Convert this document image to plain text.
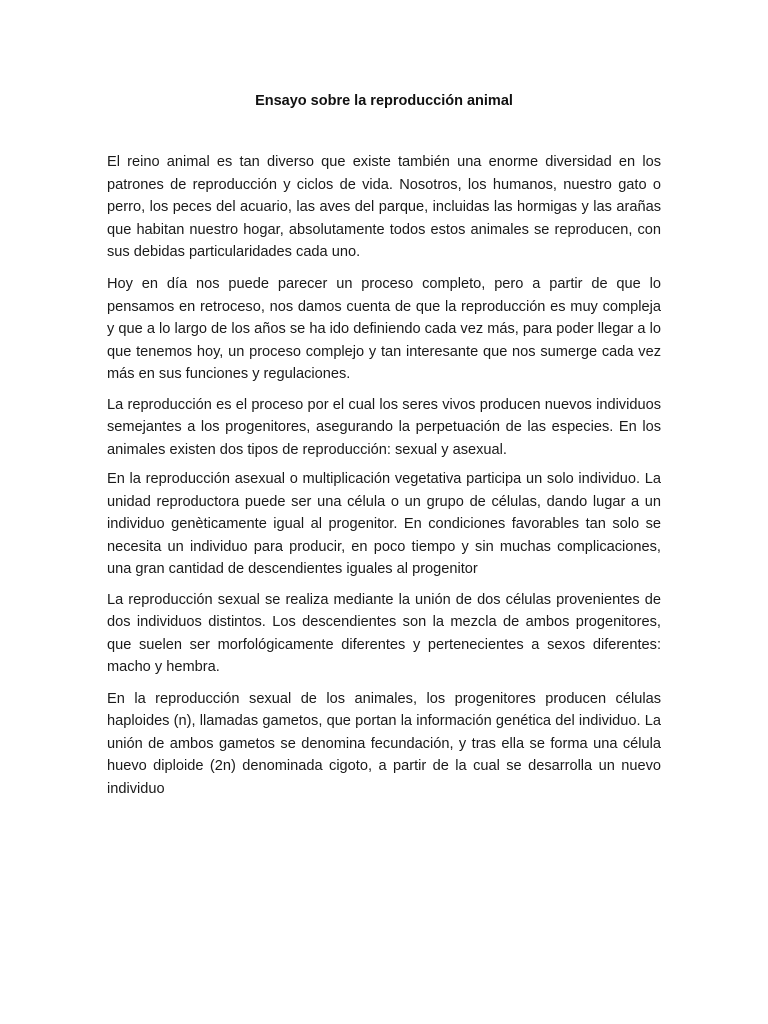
Ensayo sobre la reproducción animal

El reino animal es tan diverso que existe también una enorme diversidad en los patrones de reproducción y ciclos de vida. Nosotros, los humanos, nuestro gato o perro, los peces del acuario, las aves del parque, incluidas las hormigas y las arañas que habitan nuestro hogar, absolutamente todos estos animales se reproducen, con sus debidas particularidades cada uno.

Hoy en día nos puede parecer un proceso completo, pero a partir de que lo pensamos en retroceso, nos damos cuenta de que la reproducción es muy compleja y que a lo largo de los años se ha ido definiendo cada vez más, para poder llegar a lo que tenemos hoy, un proceso complejo y tan interesante que nos sumerge cada vez más en sus funciones y regulaciones.

La reproducción es el proceso por el cual los seres vivos producen nuevos individuos semejantes a los progenitores, asegurando la perpetuación de las especies. En los animales existen dos tipos de reproducción: sexual y asexual.

En la reproducción asexual o multiplicación vegetativa participa un solo individuo. La unidad reproductora puede ser una célula o un grupo de células, dando lugar a un individuo genèticamente igual al progenitor. En condiciones favorables tan solo se necesita un individuo para producir, en poco tiempo y sin muchas complicaciones, una gran cantidad de descendientes iguales al progenitor

La reproducción sexual se realiza mediante la unión de dos células provenientes de dos individuos distintos. Los descendientes son la mezcla de ambos progenitores, que suelen ser morfológicamente diferentes y pertenecientes a sexos diferentes: macho y hembra.

En la reproducción sexual de los animales, los progenitores producen células haploides (n), llamadas gametos, que portan la información genética del individuo. La unión de ambos gametos se denomina fecundación, y tras ella se forma una célula huevo diploide (2n) denominada cigoto, a partir de la cual se desarrolla un nuevo individuo
